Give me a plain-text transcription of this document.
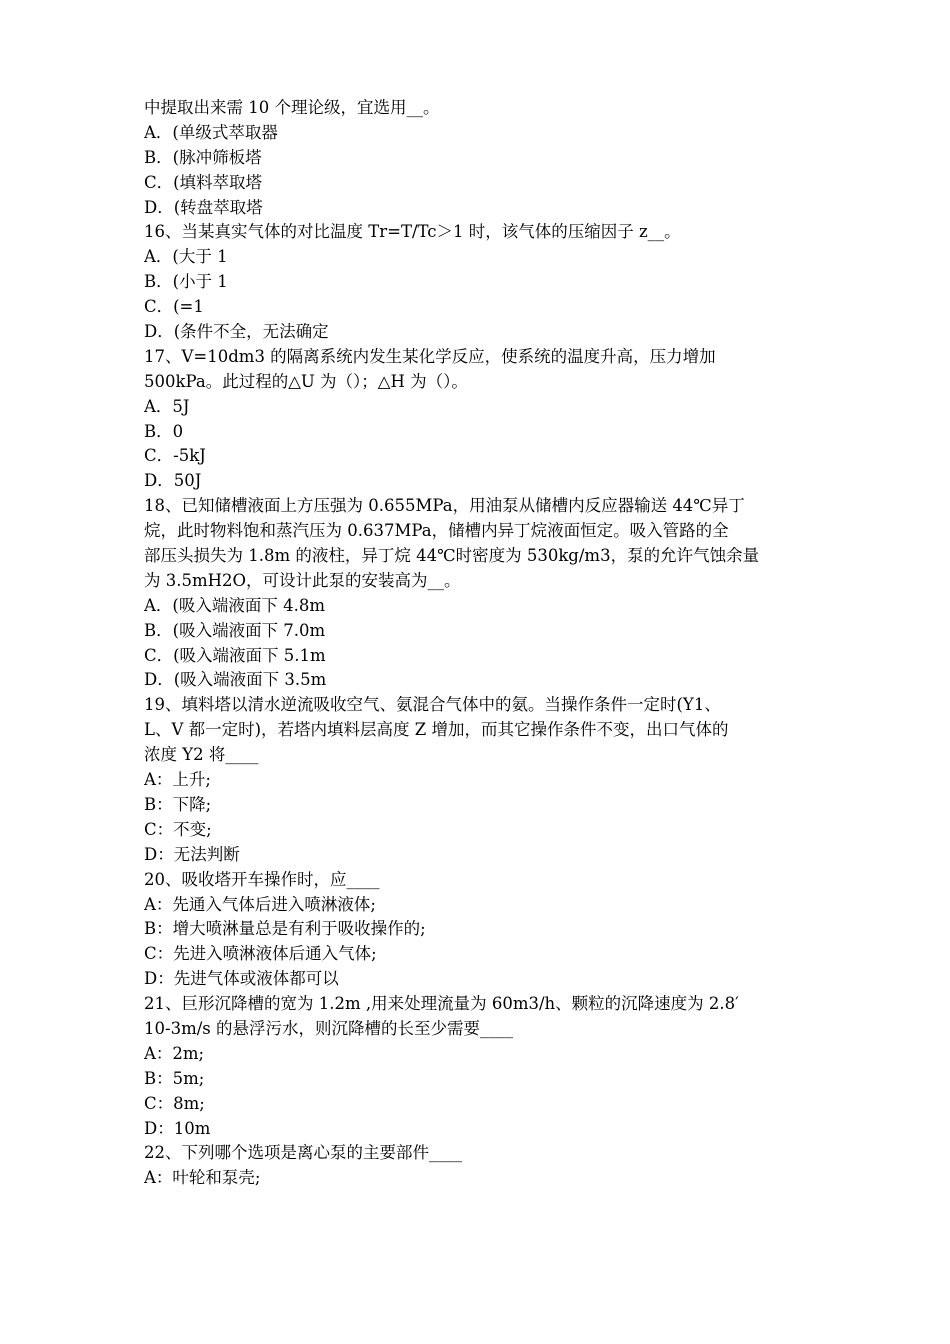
中提取出来需 10 个理论级，宜选用__。
A．(单级式萃取器
B．(脉冲筛板塔
C．(填料萃取塔
D．(转盘萃取塔
16、当某真实气体的对比温度 Tr=T/Tc＞1 时，该气体的压缩因子 z__。
A．(大于 1
B．(小于 1
C．(=1
D．(条件不全，无法确定
17、V=10dm3 的隔离系统内发生某化学反应，使系统的温度升高，压力增加
500kPa。此过程的△U 为（）；△H 为（）。
A．5J
B．0
C．-5kJ
D．50J
18、已知储槽液面上方压强为 0.655MPa，用油泵从储槽内反应器输送 44℃异丁
烷，此时物料饱和蒸汽压为 0.637MPa，储槽内异丁烷液面恒定。吸入管路的全
部压头损失为 1.8m 的液柱，异丁烷 44℃时密度为 530kg/m3，泵的允许气蚀余量
为 3.5mH2O，可设计此泵的安装高为__。
A．(吸入端液面下 4.8m
B．(吸入端液面下 7.0m
C．(吸入端液面下 5.1m
D．(吸入端液面下 3.5m
19、填料塔以清水逆流吸收空气、氨混合气体中的氨。当操作条件一定时(Y1、
L、V 都一定时)，若塔内填料层高度 Z 增加，而其它操作条件不变，出口气体的
浓度 Y2 将____
A：上升;
B：下降;
C：不变;
D：无法判断
20、吸收塔开车操作时，应____
A：先通入气体后进入喷淋液体;
B：增大喷淋量总是有利于吸收操作的;
C：先进入喷淋液体后通入气体;
D：先进气体或液体都可以
21、巨形沉降槽的宽为 1.2m ,用来处理流量为 60m3/h、颗粒的沉降速度为 2.8′
10-3m/s 的悬浮污水，则沉降槽的长至少需要____
A：2m;
B：5m;
C：8m;
D：10m
22、下列哪个选项是离心泵的主要部件____
A：叶轮和泵壳;
